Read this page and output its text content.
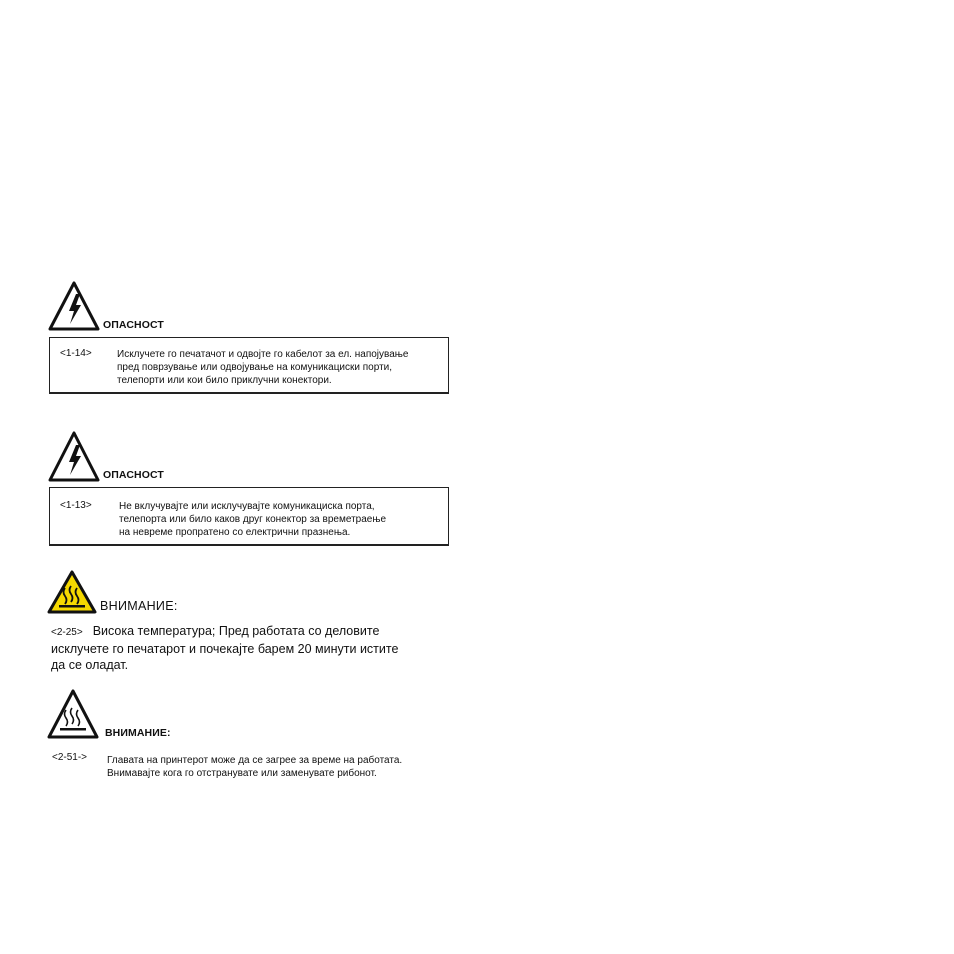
ОПАСНОСТ
<1-14>	Исклучете го печатачот и одвојте го кабелот за ел. напојување
пред поврзување или одвојување на комуникациски порти,
телепорти или кои било приклучни конектори.
ОПАСНОСТ
<1-13>	Не вклучувајте или исклучувајте комуникациска порта,
телепорта или било каков друг конектор за времетраење
на невреме пропратено со електрични празнења.
ВНИМАНИЕ:
<2-25> Висока температура; Пред работата со деловите
исклучете го печатарот и почекајте барем 20 минути истите
да се оладат.
ВНИМАНИЕ:
<2-51-> Главата на принтерот може да се загрее за време на работата.
Внимавајте кога го отстранувате или заменувате рибонот.
